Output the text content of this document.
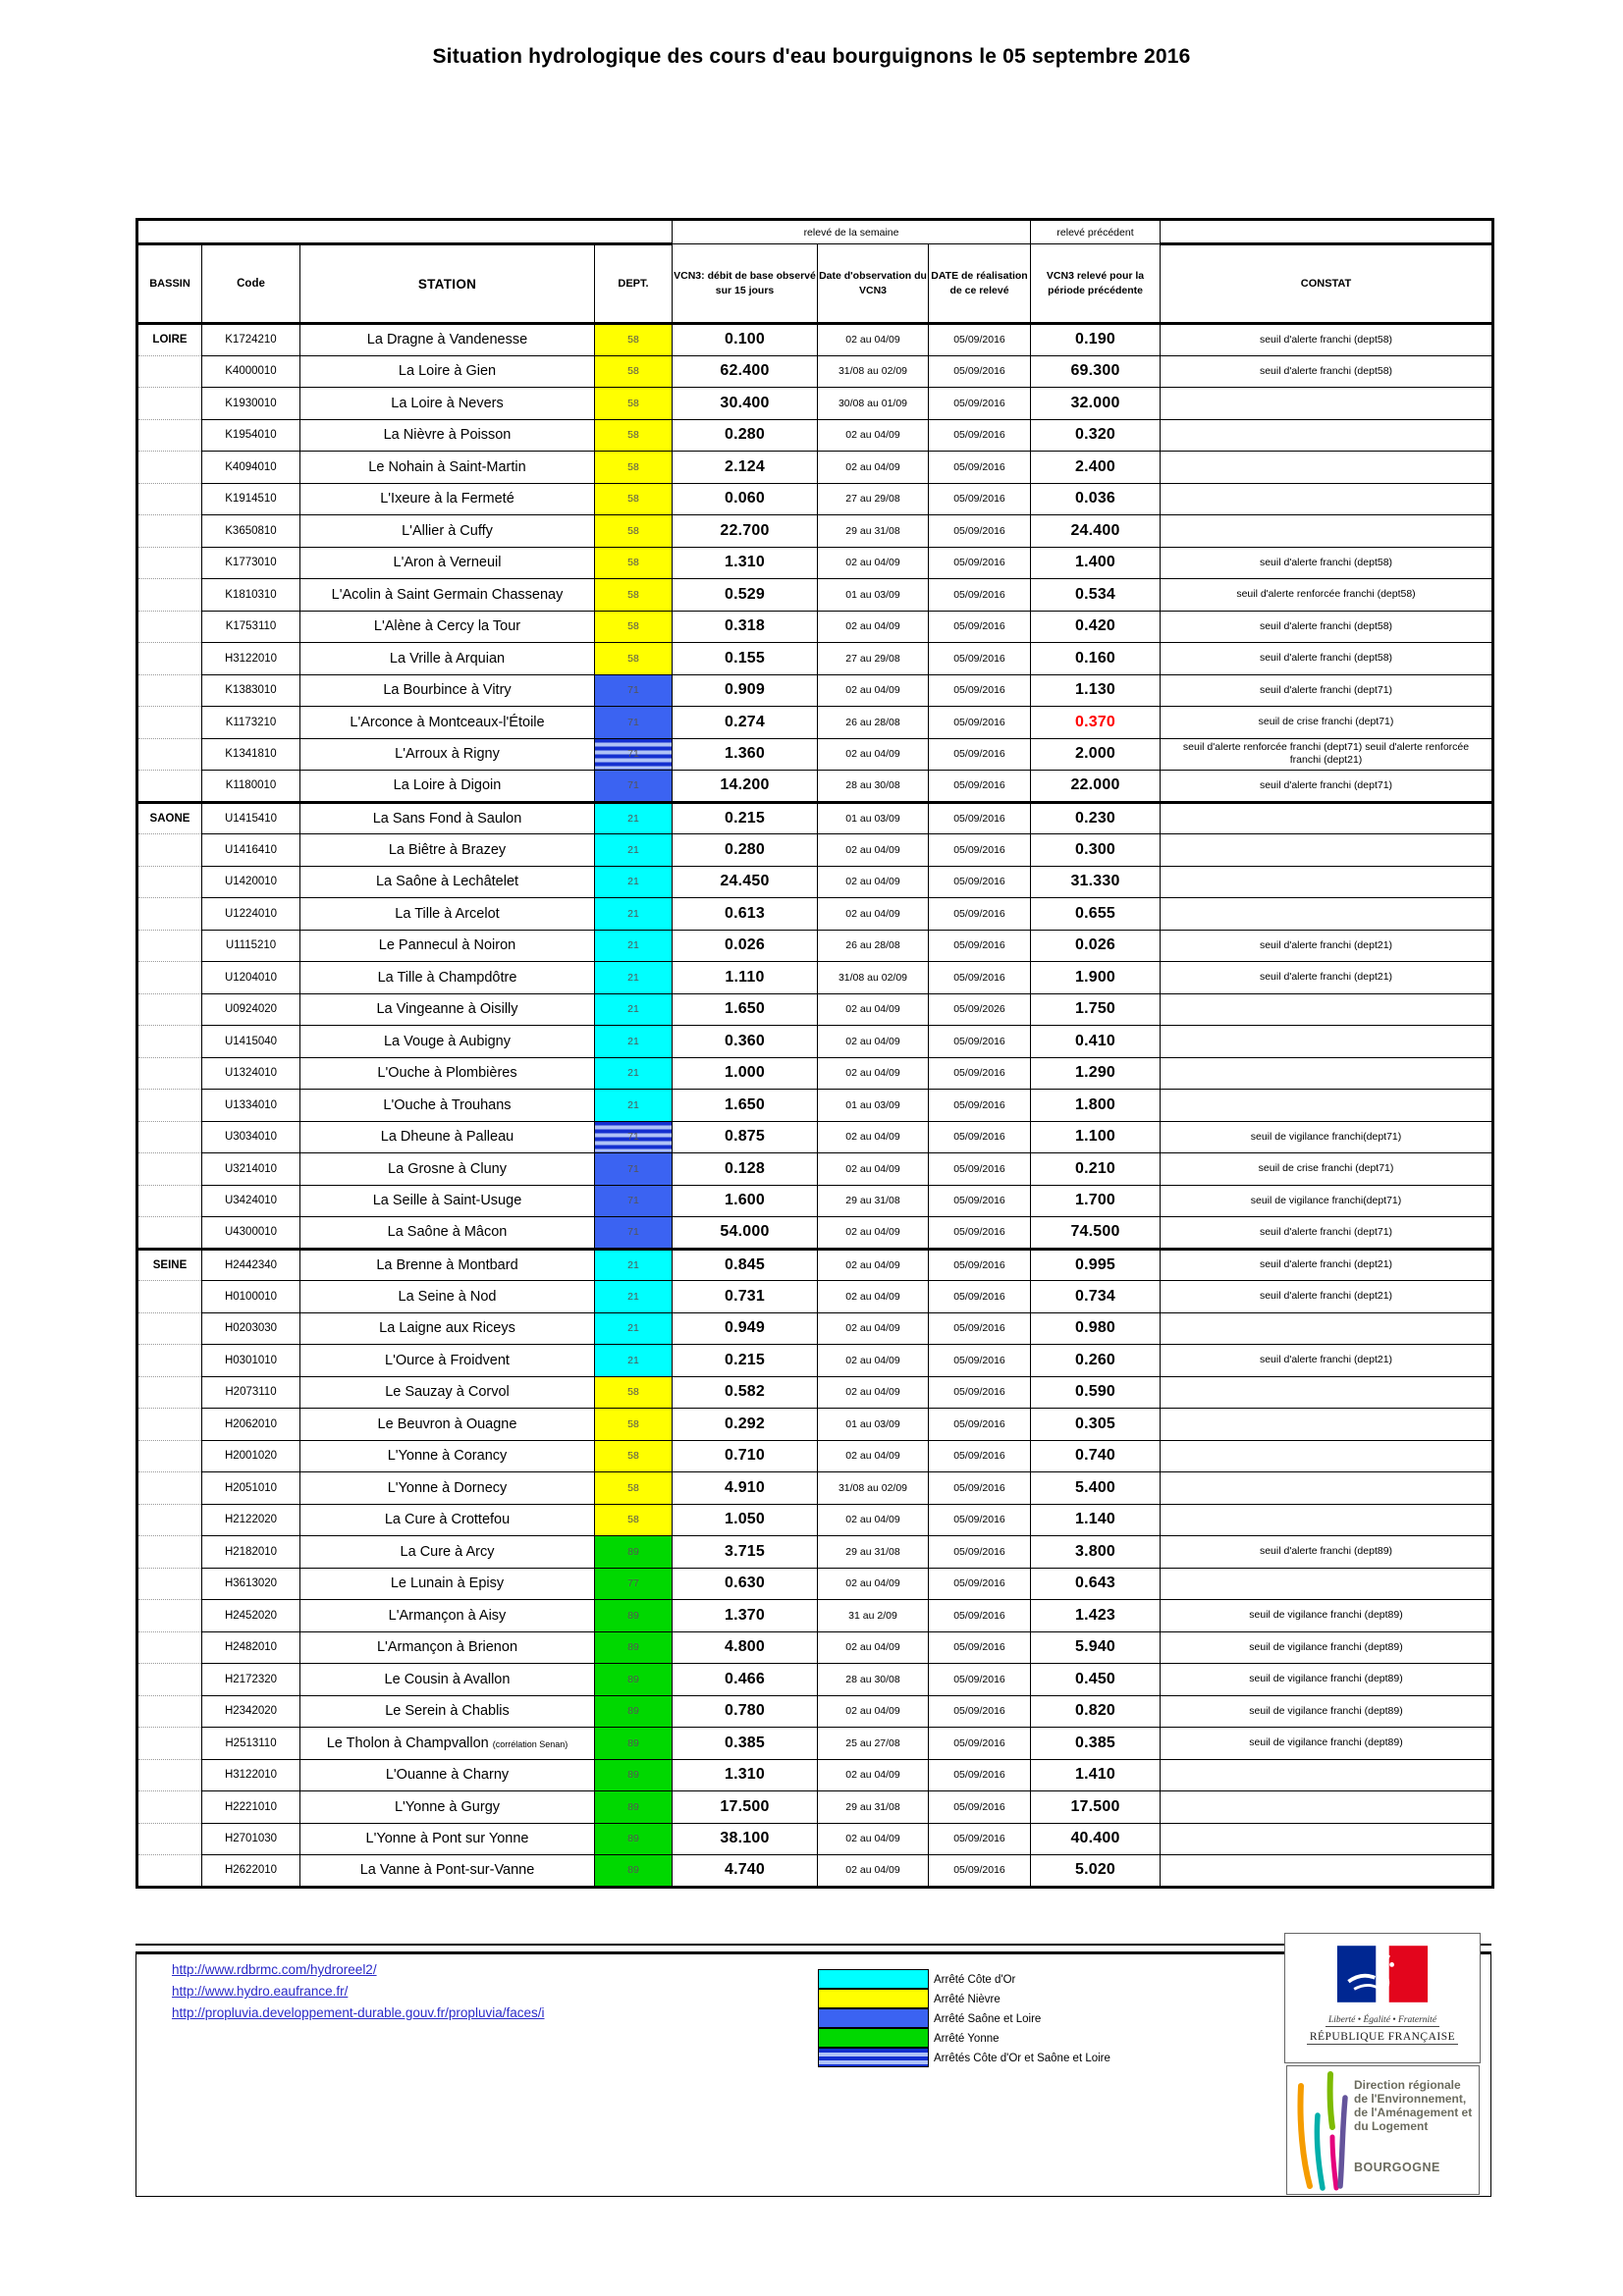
Situation hydrologique des cours d'eau bourguignons le 05 septembre 2016
				relevé de la semaine			relevé précédent	
BASSIN	Code	STATION	DEPT.	VCN3: débit de base observé sur 15 jours	Date d'observation du VCN3	DATE de réalisation de ce relevé	VCN3 relevé pour la période précédente	CONSTAT
LOIRE	K1724210	La Dragne à Vandenesse	58	0.100	02 au 04/09	05/09/2016	0.190	seuil d'alerte franchi (dept58)
	K4000010	La Loire à Gien	58	62.400	31/08 au 02/09	05/09/2016	69.300	seuil d'alerte franchi (dept58)
	K1930010	La Loire à Nevers	58	30.400	30/08 au 01/09	05/09/2016	32.000	
	K1954010	La Nièvre à Poisson	58	0.280	02 au 04/09	05/09/2016	0.320	
	K4094010	Le Nohain à Saint-Martin	58	2.124	02 au 04/09	05/09/2016	2.400	
	K1914510	L'Ixeure à la Fermeté	58	0.060	27 au 29/08	05/09/2016	0.036	
	K3650810	L'Allier à Cuffy	58	22.700	29 au 31/08	05/09/2016	24.400	
	K1773010	L'Aron à Verneuil	58	1.310	02 au 04/09	05/09/2016	1.400	seuil d'alerte franchi (dept58)
	K1810310	L'Acolin à Saint Germain Chassenay	58	0.529	01 au 03/09	05/09/2016	0.534	seuil d'alerte renforcée franchi (dept58)
	K1753110	L'Alène à Cercy la Tour	58	0.318	02 au 04/09	05/09/2016	0.420	seuil d'alerte franchi (dept58)
	H3122010	La Vrille à Arquian	58	0.155	27 au 29/08	05/09/2016	0.160	seuil d'alerte franchi (dept58)
	K1383010	La Bourbince à Vitry	71	0.909	02 au 04/09	05/09/2016	1.130	seuil d'alerte franchi (dept71)
	K1173210	L'Arconce à Montceaux-l'Étoile	71	0.274	26 au 28/08	05/09/2016	0.370	seuil de crise franchi (dept71)
	K1341810	L'Arroux à Rigny	71	1.360	02 au 04/09	05/09/2016	2.000	seuil d'alerte renforcée franchi (dept71) seuil d'alerte renforcée franchi (dept21)
	K1180010	La Loire à Digoin	71	14.200	28 au 30/08	05/09/2016	22.000	seuil d'alerte franchi (dept71)
SAONE	U1415410	La Sans Fond à Saulon	21	0.215	01 au 03/09	05/09/2016	0.230	
	U1416410	La Biêtre à Brazey	21	0.280	02 au 04/09	05/09/2016	0.300	
	U1420010	La Saône à Lechâtelet	21	24.450	02 au 04/09	05/09/2016	31.330	
	U1224010	La Tille à Arcelot	21	0.613	02 au 04/09	05/09/2016	0.655	
	U1115210	Le Pannecul à Noiron	21	0.026	26 au 28/08	05/09/2016	0.026	seuil d'alerte franchi (dept21)
	U1204010	La Tille à Champdôtre	21	1.110	31/08 au 02/09	05/09/2016	1.900	seuil d'alerte franchi (dept21)
	U0924020	La Vingeanne à Oisilly	21	1.650	02 au 04/09	05/09/2026	1.750	
	U1415040	La Vouge à Aubigny	21	0.360	02 au 04/09	05/09/2016	0.410	
	U1324010	L'Ouche à Plombières	21	1.000	02 au 04/09	05/09/2016	1.290	
	U1334010	L'Ouche à Trouhans	21	1.650	01 au 03/09	05/09/2016	1.800	
	U3034010	La Dheune à Palleau	71	0.875	02 au 04/09	05/09/2016	1.100	seuil de vigilance franchi(dept71)
	U3214010	La Grosne à Cluny	71	0.128	02 au 04/09	05/09/2016	0.210	seuil de crise franchi (dept71)
	U3424010	La Seille à Saint-Usuge	71	1.600	29 au 31/08	05/09/2016	1.700	seuil de vigilance franchi(dept71)
	U4300010	La Saône à Mâcon	71	54.000	02 au 04/09	05/09/2016	74.500	seuil d'alerte franchi (dept71)
SEINE	H2442340	La Brenne à Montbard	21	0.845	02 au 04/09	05/09/2016	0.995	seuil d'alerte franchi (dept21)
	H0100010	La Seine à Nod	21	0.731	02 au 04/09	05/09/2016	0.734	seuil d'alerte franchi (dept21)
	H0203030	La Laigne aux Riceys	21	0.949	02 au 04/09	05/09/2016	0.980	
	H0301010	L'Ource à Froidvent	21	0.215	02 au 04/09	05/09/2016	0.260	seuil d'alerte franchi (dept21)
	H2073110	Le Sauzay à Corvol	58	0.582	02 au 04/09	05/09/2016	0.590	
	H2062010	Le Beuvron à Ouagne	58	0.292	01 au 03/09	05/09/2016	0.305	
	H2001020	L'Yonne à Corancy	58	0.710	02 au 04/09	05/09/2016	0.740	
	H2051010	L'Yonne à Dornecy	58	4.910	31/08 au 02/09	05/09/2016	5.400	
	H2122020	La Cure à Crottefou	58	1.050	02 au 04/09	05/09/2016	1.140	
	H2182010	La Cure à Arcy	89	3.715	29 au 31/08	05/09/2016	3.800	seuil d'alerte franchi (dept89)
	H3613020	Le Lunain à Episy	77	0.630	02 au 04/09	05/09/2016	0.643	
	H2452020	L'Armançon à Aisy	89	1.370	31 au 2/09	05/09/2016	1.423	seuil de vigilance franchi (dept89)
	H2482010	L'Armançon à Brienon	89	4.800	02 au 04/09	05/09/2016	5.940	seuil de vigilance franchi (dept89)
	H2172320	Le Cousin à Avallon	89	0.466	28 au 30/08	05/09/2016	0.450	seuil de vigilance franchi (dept89)
	H2342020	Le Serein à Chablis	89	0.780	02 au 04/09	05/09/2016	0.820	seuil de vigilance franchi (dept89)
	H2513110	Le Tholon à Champvallon (corrélation Senan)	89	0.385	25 au 27/08	05/09/2016	0.385	seuil de vigilance franchi (dept89)
	H3122010	L'Ouanne à Charny	89	1.310	02 au 04/09	05/09/2016	1.410	
	H2221010	L'Yonne à Gurgy	89	17.500	29 au 31/08	05/09/2016	17.500	
	H2701030	L'Yonne à Pont sur Yonne	89	38.100	02 au 04/09	05/09/2016	40.400	
	H2622010	La Vanne à Pont-sur-Vanne	89	4.740	02 au 04/09	05/09/2016	5.020	
http://www.rdbrmc.com/hydroreel2/
http://www.hydro.eaufrance.fr/
http://propluvia.developpement-durable.gouv.fr/propluvia/faces/i
Arrêté Côte d'Or
Arrêté Nièvre
Arrêté Saône et Loire
Arrêté Yonne
Arrêtés Côte d'Or et Saône et Loire
Liberté • Égalité • Fraternité
RÉPUBLIQUE FRANÇAISE
Direction régionale de l'Environnement, de l'Aménagement et du Logement
BOURGOGNE
